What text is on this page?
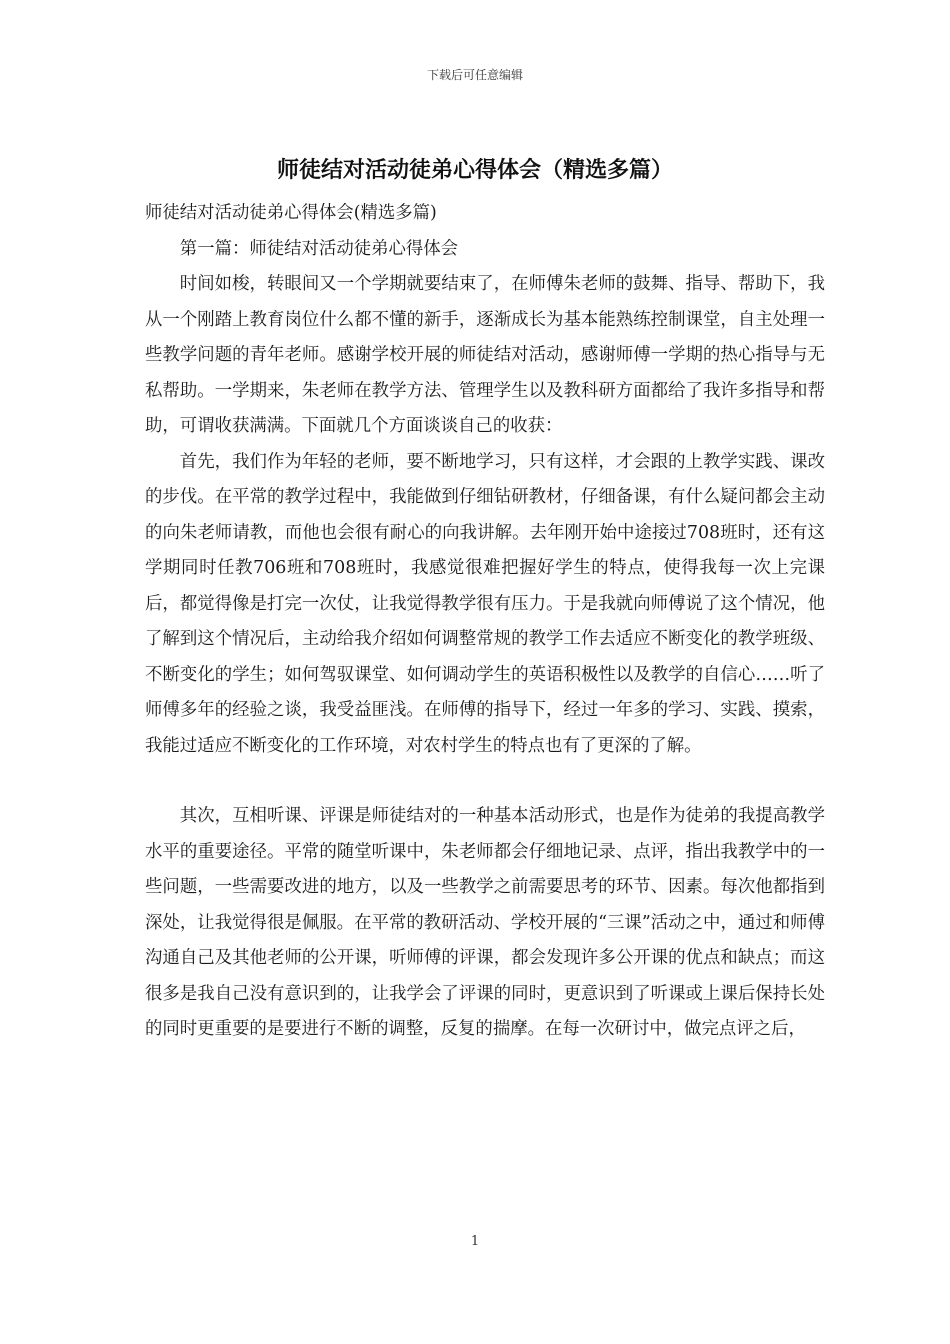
下载后可任意编辑
师徒结对活动徒弟心得体会（精选多篇）

师徒结对活动徒弟心得体会(精选多篇)

第一篇：师徒结对活动徒弟心得体会

时间如梭，转眼间又一个学期就要结束了，在师傅朱老师的鼓舞、指导、帮助下，我从一个刚踏上教育岗位什么都不懂的新手，逐渐成长为基本能熟练控制课堂，自主处理一些教学问题的青年老师。感谢学校开展的师徒结对活动，感谢师傅一学期的热心指导与无私帮助。一学期来，朱老师在教学方法、管理学生以及教科研方面都给了我许多指导和帮助，可谓收获满满。下面就几个方面谈谈自己的收获：

首先，我们作为年轻的老师，要不断地学习，只有这样，才会跟的上教学实践、课改的步伐。在平常的教学过程中，我能做到仔细钻研教材，仔细备课，有什么疑问都会主动的向朱老师请教，而他也会很有耐心的向我讲解。去年刚开始中途接过708班时，还有这学期同时任教706班和708班时，我感觉很难把握好学生的特点，使得我每一次上完课后，都觉得像是打完一次仗，让我觉得教学很有压力。于是我就向师傅说了这个情况，他了解到这个情况后，主动给我介绍如何调整常规的教学工作去适应不断变化的教学班级、不断变化的学生；如何驾驭课堂、如何调动学生的英语积极性以及教学的自信心……听了师傅多年的经验之谈，我受益匪浅。在师傅的指导下，经过一年多的学习、实践、摸索，我能过适应不断变化的工作环境，对农村学生的特点也有了更深的了解。

其次，互相听课、评课是师徒结对的一种基本活动形式，也是作为徒弟的我提高教学水平的重要途径。平常的随堂听课中，朱老师都会仔细地记录、点评，指出我教学中的一些问题，一些需要改进的地方，以及一些教学之前需要思考的环节、因素。每次他都指到深处，让我觉得很是佩服。在平常的教研活动、学校开展的“三课”活动之中，通过和师傅沟通自己及其他老师的公开课，听师傅的评课，都会发现许多公开课的优点和缺点；而这很多是我自己没有意识到的，让我学会了评课的同时，更意识到了听课或上课后保持长处的同时更重要的是要进行不断的调整，反复的揣摩。在每一次研讨中，做完点评之后，

1
